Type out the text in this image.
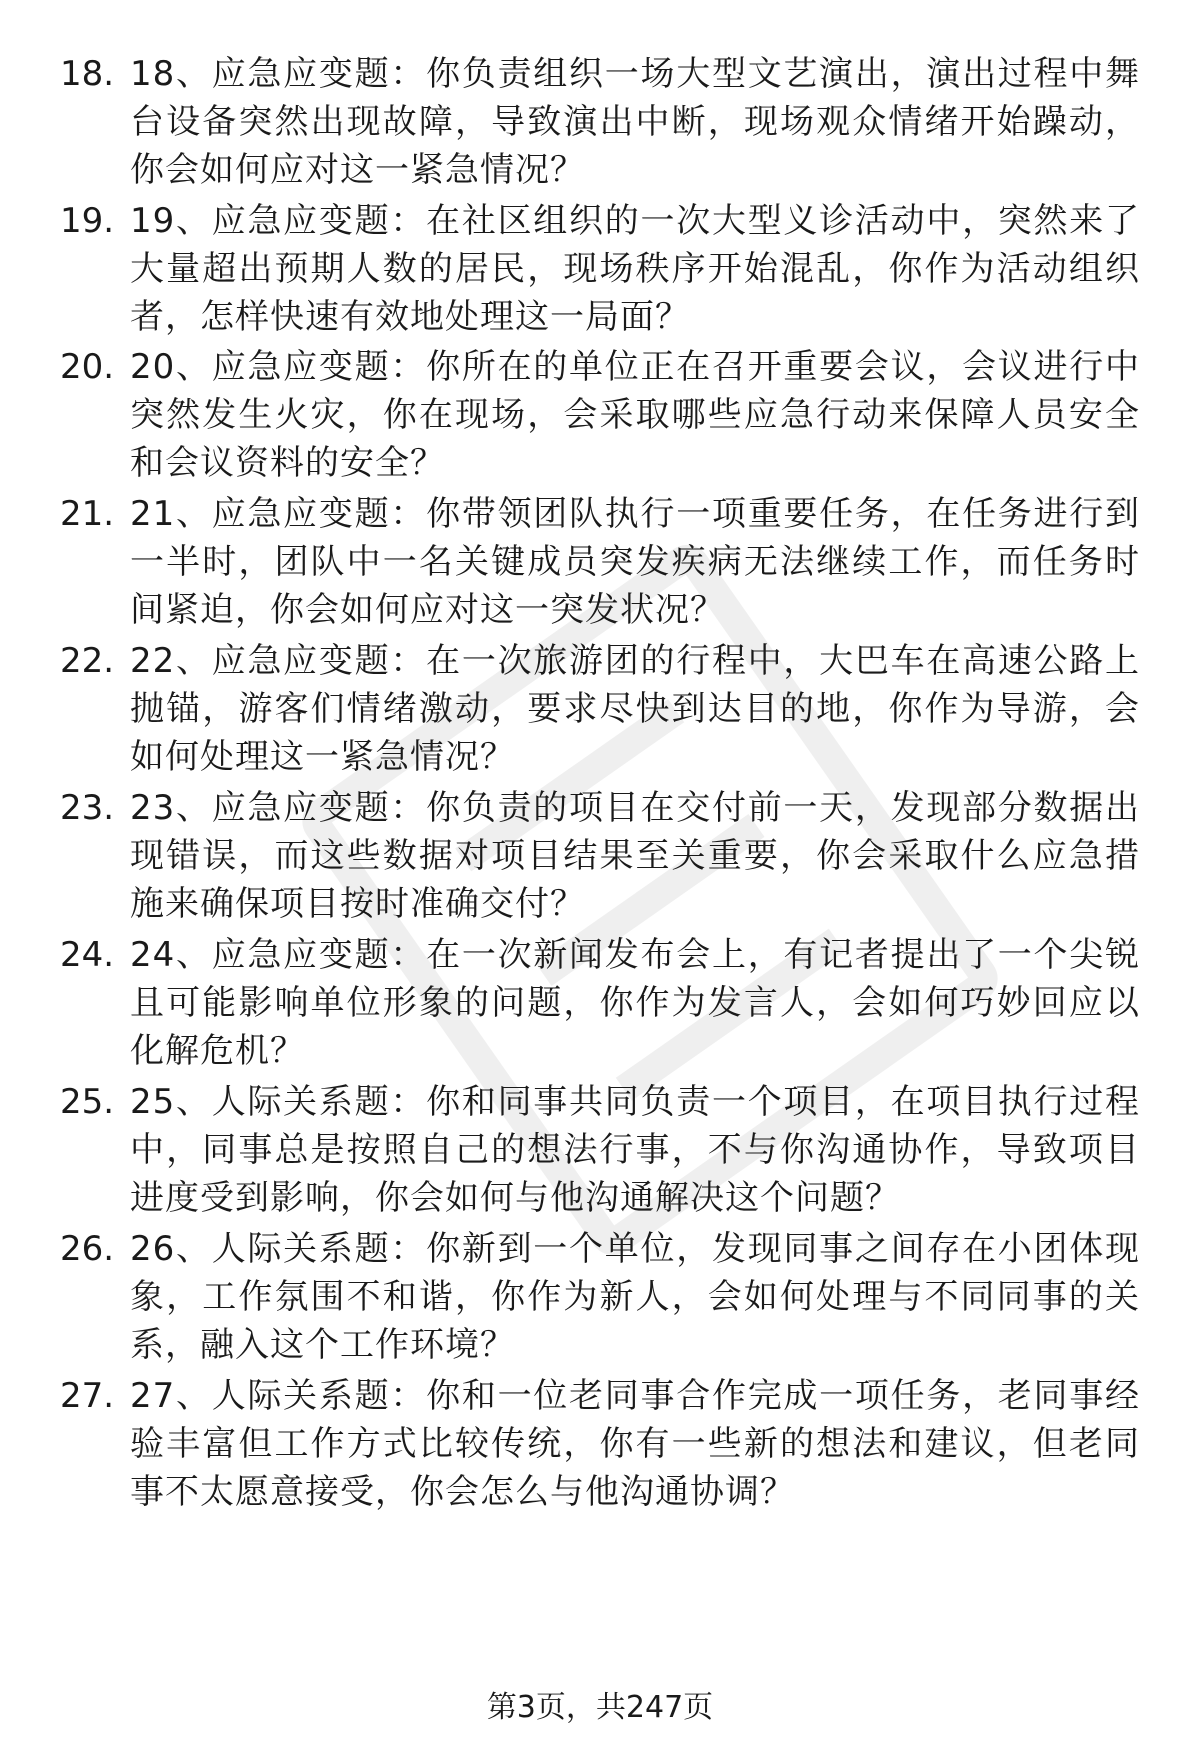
18. 18、应急应变题：你负责组织一场大型文艺演出，演出过程中舞台设备突然出现故障，导致演出中断，现场观众情绪开始躁动，你会如何应对这一紧急情况？
19. 19、应急应变题：在社区组织的一次大型义诊活动中，突然来了大量超出预期人数的居民，现场秩序开始混乱，你作为活动组织者，怎样快速有效地处理这一局面？
20. 20、应急应变题：你所在的单位正在召开重要会议，会议进行中突然发生火灾，你在现场，会采取哪些应急行动来保障人员安全和会议资料的安全？
21. 21、应急应变题：你带领团队执行一项重要任务，在任务进行到一半时，团队中一名关键成员突发疾病无法继续工作，而任务时间紧迫，你会如何应对这一突发状况？
22. 22、应急应变题：在一次旅游团的行程中，大巴车在高速公路上抛锚，游客们情绪激动，要求尽快到达目的地，你作为导游，会如何处理这一紧急情况？
23. 23、应急应变题：你负责的项目在交付前一天，发现部分数据出现错误，而这些数据对项目结果至关重要，你会采取什么应急措施来确保项目按时准确交付？
24. 24、应急应变题：在一次新闻发布会上，有记者提出了一个尖锐且可能影响单位形象的问题，你作为发言人，会如何巧妙回应以化解危机？
25. 25、人际关系题：你和同事共同负责一个项目，在项目执行过程中，同事总是按照自己的想法行事，不与你沟通协作，导致项目进度受到影响，你会如何与他沟通解决这个问题？
26. 26、人际关系题：你新到一个单位，发现同事之间存在小团体现象，工作氛围不和谐，你作为新人，会如何处理与不同同事的关系，融入这个工作环境？
27. 27、人际关系题：你和一位老同事合作完成一项任务，老同事经验丰富但工作方式比较传统，你有一些新的想法和建议，但老同事不太愿意接受，你会怎么与他沟通协调？
第3页，共247页
